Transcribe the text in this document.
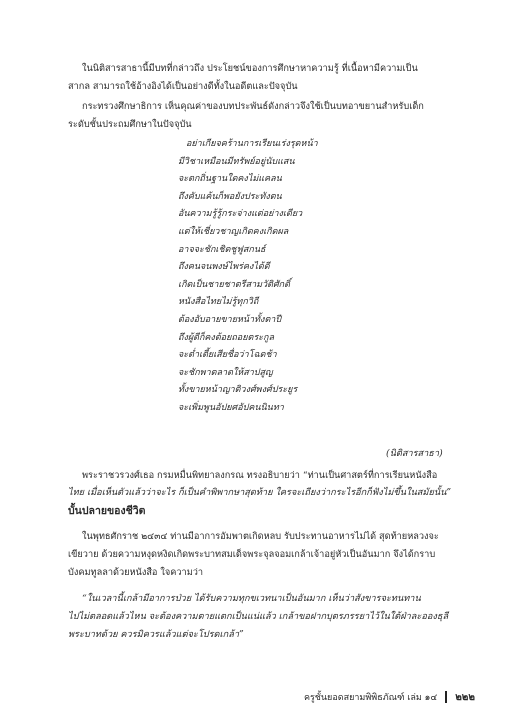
ในนิติสารสาธานี้มีบทที่กล่าวถึง ประโยชน์ของการศึกษาหาความรู้ ที่เนื้อหามีความเป็น
สากล สามารถใช้อ้างอิงได้เป็นอย่างดีทั้งในอดีตและปัจจุบัน
กระทรวงศึกษาธิการ เห็นคุณค่าของบทประพันธ์ดังกล่าวจึงใช้เป็นบทอาขยานสำหรับเด็ก
ระดับชั้นประถมศึกษาในปัจจุบัน
อย่าเกียจคร้านการเรียนเร่งรุดหน้า
มีวิชาเหมือนมีทรัพย์อยู่นับแสน
จะตกถิ่นฐานใดคงไม่แคลน
ถึงคับแค้นก็พอยังประทังตน
อันความรู้รู้กระจ่างแต่อย่างเดียว
แต่ให้เชี่ยวชาญเกิดคงเกิดผล
อาจจะชักเชิดชูฟูสกนธ์
ถึงคนจนพงษ์ไพร่คงได้ดี
เกิดเป็นชายชาตรีสามวัติศักดิ์
หนังสือไทยไม่รู้ทุกวิถี
ต้องอับอายขายหน้าทั้งตาปี
ถึงผู้ดีก็คงต้อยถอยตระกูล
จะต่ำเตี้ยเสียชื่อว่าโฉดช้า
จะชักพาตลาดให้สาปสูญ
ทั้งขายหน้าญาติวงศ์พงศ์ประยูร
จะเพิ่มพูนอัปยศอัปคนนินทา
(นิติสารสาธา)
พระราชวรวงศ์เธอ กรมหมื่นพิทยาลงกรณ ทรงอธิบายว่า “ท่านเป็นศาสตร์ที่การเรียนหนังสือ
ไทย เมื่อเห็นตัวแล้วว่าจะไร ก็เป็นคำพิพากษาสุดท้าย ใครจะเถียงว่ากระไรอีกก็ฟังไม่ขึ้นในสมัยนั้น”
บั้นปลายของชีวิต
ในพุทธศักราช ๒๔๓๔ ท่านมีอาการอัมพาตเกิดหลบ รับประทานอาหารไม่ได้ สุดท้ายหลวงจะ
เขียวาย ด้วยความหงุดหงิดเกิดพระบาทสมเด็จพระจุลจอมเกล้าเจ้าอยู่หัวเป็นอันมาก จึงได้กราบ
บังคมทูลลาด้วยหนังสือ ใจความว่า
“ในเวลานี้เกล้ามีอาการป่วย ได้รับความทุกขเวทนาเป็นอันมาก เห็นว่าสังขารจะทนทาน
ไปไม่ตลอดแล้วไหน จะต้องความตายแตกเป็นแน่แล้ว เกล้าขอฝากบุตรภรรยาไว้ในใต้ฝ่าละอองธุลี
พระบาทด้วย ควรมิควรแล้วแต่จะโปรดเกล้า”
ครูชั้นยอดสยามพิพิธภัณฑ์ เล่ม ๑๔ ๒๒๒
